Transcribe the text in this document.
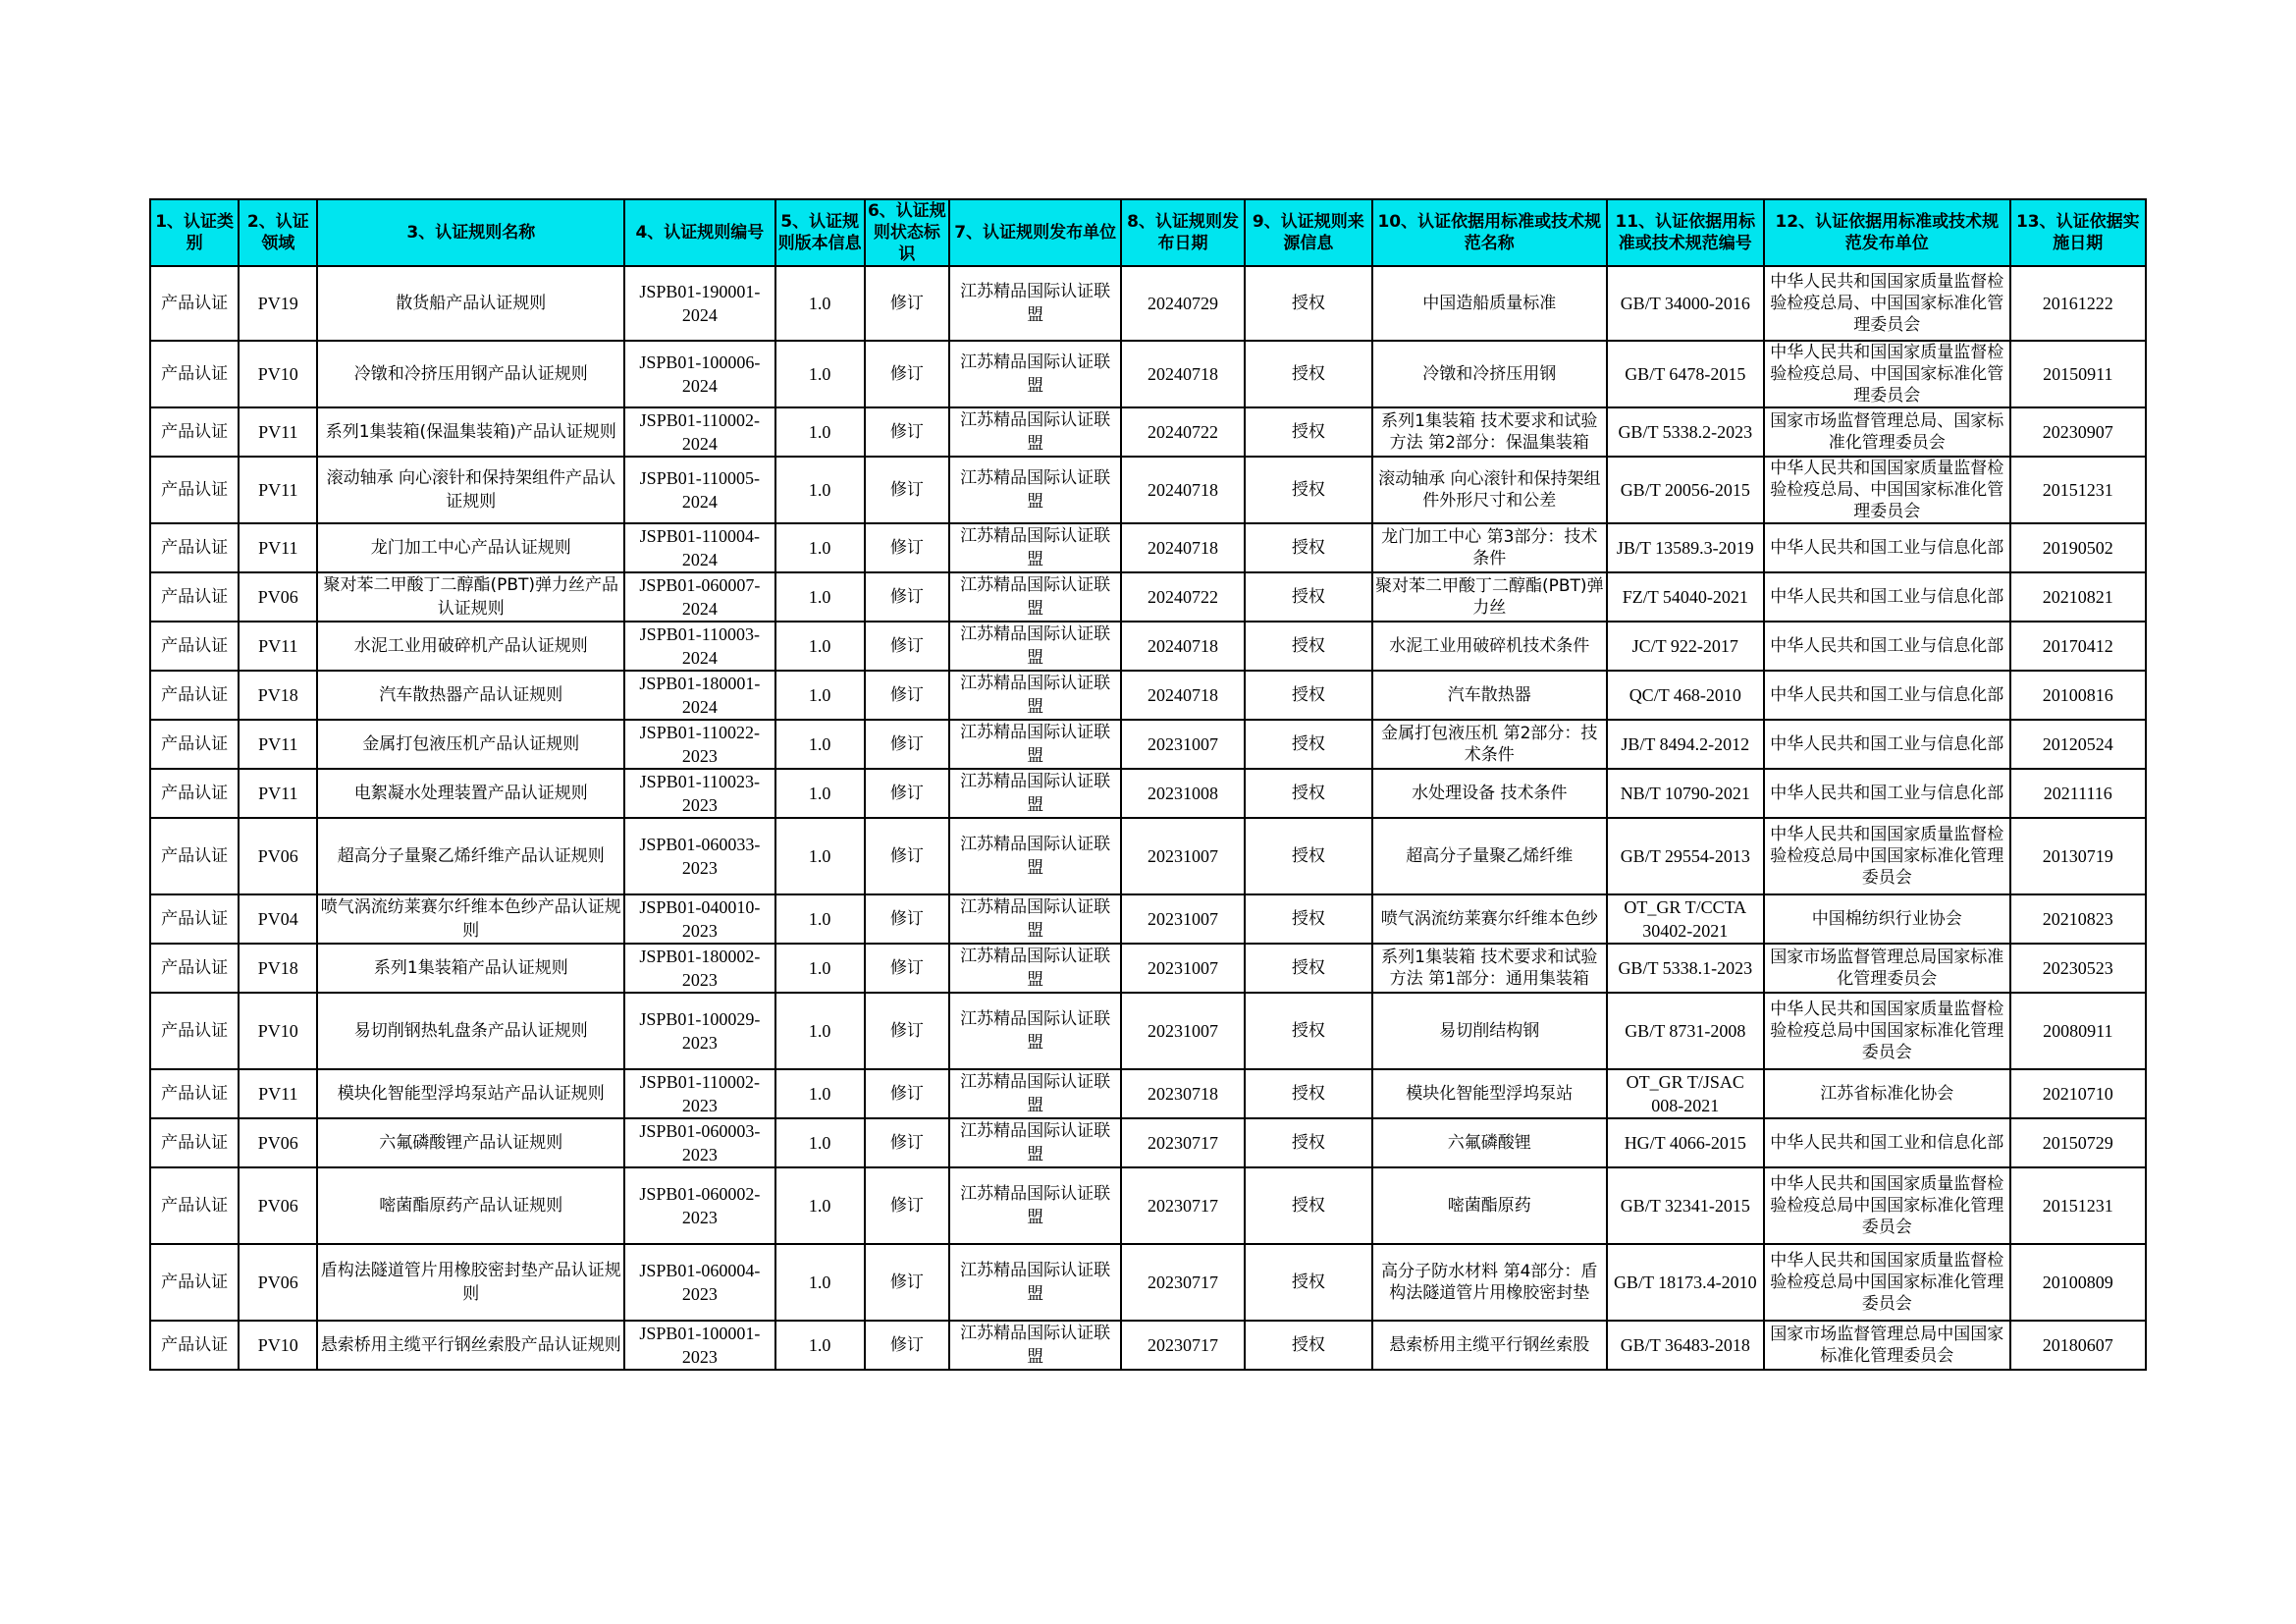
1、认证类别	2、认证领域	3、认证规则名称	4、认证规则编号	5、认证规则版本信息	6、认证规则状态标识	7、认证规则发布单位	8、认证规则发布日期	9、认证规则来源信息	10、认证依据用标准或技术规范名称	11、认证依据用标准或技术规范编号	12、认证依据用标准或技术规范发布单位	13、认证依据实施日期
产品认证	PV19	散货船产品认证规则	JSPB01-190001-2024	1.0	修订	江苏精品国际认证联盟	20240729	授权	中国造船质量标准	GB/T 34000-2016	中华人民共和国国家质量监督检验检疫总局、中国国家标准化管理委员会	20161222
产品认证	PV10	冷镦和冷挤压用钢产品认证规则	JSPB01-100006-2024	1.0	修订	江苏精品国际认证联盟	20240718	授权	冷镦和冷挤压用钢	GB/T 6478-2015	中华人民共和国国家质量监督检验检疫总局、中国国家标准化管理委员会	20150911
产品认证	PV11	系列1集装箱(保温集装箱)产品认证规则	JSPB01-110002-2024	1.0	修订	江苏精品国际认证联盟	20240722	授权	系列1集装箱 技术要求和试验方法 第2部分：保温集装箱	GB/T 5338.2-2023	国家市场监督管理总局、国家标准化管理委员会	20230907
产品认证	PV11	滚动轴承 向心滚针和保持架组件产品认证规则	JSPB01-110005-2024	1.0	修订	江苏精品国际认证联盟	20240718	授权	滚动轴承 向心滚针和保持架组件外形尺寸和公差	GB/T 20056-2015	中华人民共和国国家质量监督检验检疫总局、中国国家标准化管理委员会	20151231
产品认证	PV11	龙门加工中心产品认证规则	JSPB01-110004-2024	1.0	修订	江苏精品国际认证联盟	20240718	授权	龙门加工中心 第3部分：技术条件	JB/T 13589.3-2019	中华人民共和国工业与信息化部	20190502
产品认证	PV06	聚对苯二甲酸丁二醇酯(PBT)弹力丝产品认证规则	JSPB01-060007-2024	1.0	修订	江苏精品国际认证联盟	20240722	授权	聚对苯二甲酸丁二醇酯(PBT)弹力丝	FZ/T 54040-2021	中华人民共和国工业与信息化部	20210821
产品认证	PV11	水泥工业用破碎机产品认证规则	JSPB01-110003-2024	1.0	修订	江苏精品国际认证联盟	20240718	授权	水泥工业用破碎机技术条件	JC/T 922-2017	中华人民共和国工业与信息化部	20170412
产品认证	PV18	汽车散热器产品认证规则	JSPB01-180001-2024	1.0	修订	江苏精品国际认证联盟	20240718	授权	汽车散热器	QC/T 468-2010	中华人民共和国工业与信息化部	20100816
产品认证	PV11	金属打包液压机产品认证规则	JSPB01-110022-2023	1.0	修订	江苏精品国际认证联盟	20231007	授权	金属打包液压机 第2部分：技术条件	JB/T 8494.2-2012	中华人民共和国工业与信息化部	20120524
产品认证	PV11	电絮凝水处理装置产品认证规则	JSPB01-110023-2023	1.0	修订	江苏精品国际认证联盟	20231008	授权	水处理设备 技术条件	NB/T 10790-2021	中华人民共和国工业与信息化部	20211116
产品认证	PV06	超高分子量聚乙烯纤维产品认证规则	JSPB01-060033-2023	1.0	修订	江苏精品国际认证联盟	20231007	授权	超高分子量聚乙烯纤维	GB/T 29554-2013	中华人民共和国国家质量监督检验检疫总局中国国家标准化管理委员会	20130719
产品认证	PV04	喷气涡流纺莱赛尔纤维本色纱产品认证规则	JSPB01-040010-2023	1.0	修订	江苏精品国际认证联盟	20231007	授权	喷气涡流纺莱赛尔纤维本色纱	OT_GR T/CCTA 30402-2021	中国棉纺织行业协会	20210823
产品认证	PV18	系列1集装箱产品认证规则	JSPB01-180002-2023	1.0	修订	江苏精品国际认证联盟	20231007	授权	系列1集装箱 技术要求和试验方法 第1部分：通用集装箱	GB/T 5338.1-2023	国家市场监督管理总局国家标准化管理委员会	20230523
产品认证	PV10	易切削钢热轧盘条产品认证规则	JSPB01-100029-2023	1.0	修订	江苏精品国际认证联盟	20231007	授权	易切削结构钢	GB/T 8731-2008	中华人民共和国国家质量监督检验检疫总局中国国家标准化管理委员会	20080911
产品认证	PV11	模块化智能型浮坞泵站产品认证规则	JSPB01-110002-2023	1.0	修订	江苏精品国际认证联盟	20230718	授权	模块化智能型浮坞泵站	OT_GR T/JSAC 008-2021	江苏省标准化协会	20210710
产品认证	PV06	六氟磷酸锂产品认证规则	JSPB01-060003-2023	1.0	修订	江苏精品国际认证联盟	20230717	授权	六氟磷酸锂	HG/T 4066-2015	中华人民共和国工业和信息化部	20150729
产品认证	PV06	嘧菌酯原药产品认证规则	JSPB01-060002-2023	1.0	修订	江苏精品国际认证联盟	20230717	授权	嘧菌酯原药	GB/T 32341-2015	中华人民共和国国家质量监督检验检疫总局中国国家标准化管理委员会	20151231
产品认证	PV06	盾构法隧道管片用橡胶密封垫产品认证规则	JSPB01-060004-2023	1.0	修订	江苏精品国际认证联盟	20230717	授权	高分子防水材料 第4部分：盾构法隧道管片用橡胶密封垫	GB/T 18173.4-2010	中华人民共和国国家质量监督检验检疫总局中国国家标准化管理委员会	20100809
产品认证	PV10	悬索桥用主缆平行钢丝索股产品认证规则	JSPB01-100001-2023	1.0	修订	江苏精品国际认证联盟	20230717	授权	悬索桥用主缆平行钢丝索股	GB/T 36483-2018	国家市场监督管理总局中国国家标准化管理委员会	20180607
